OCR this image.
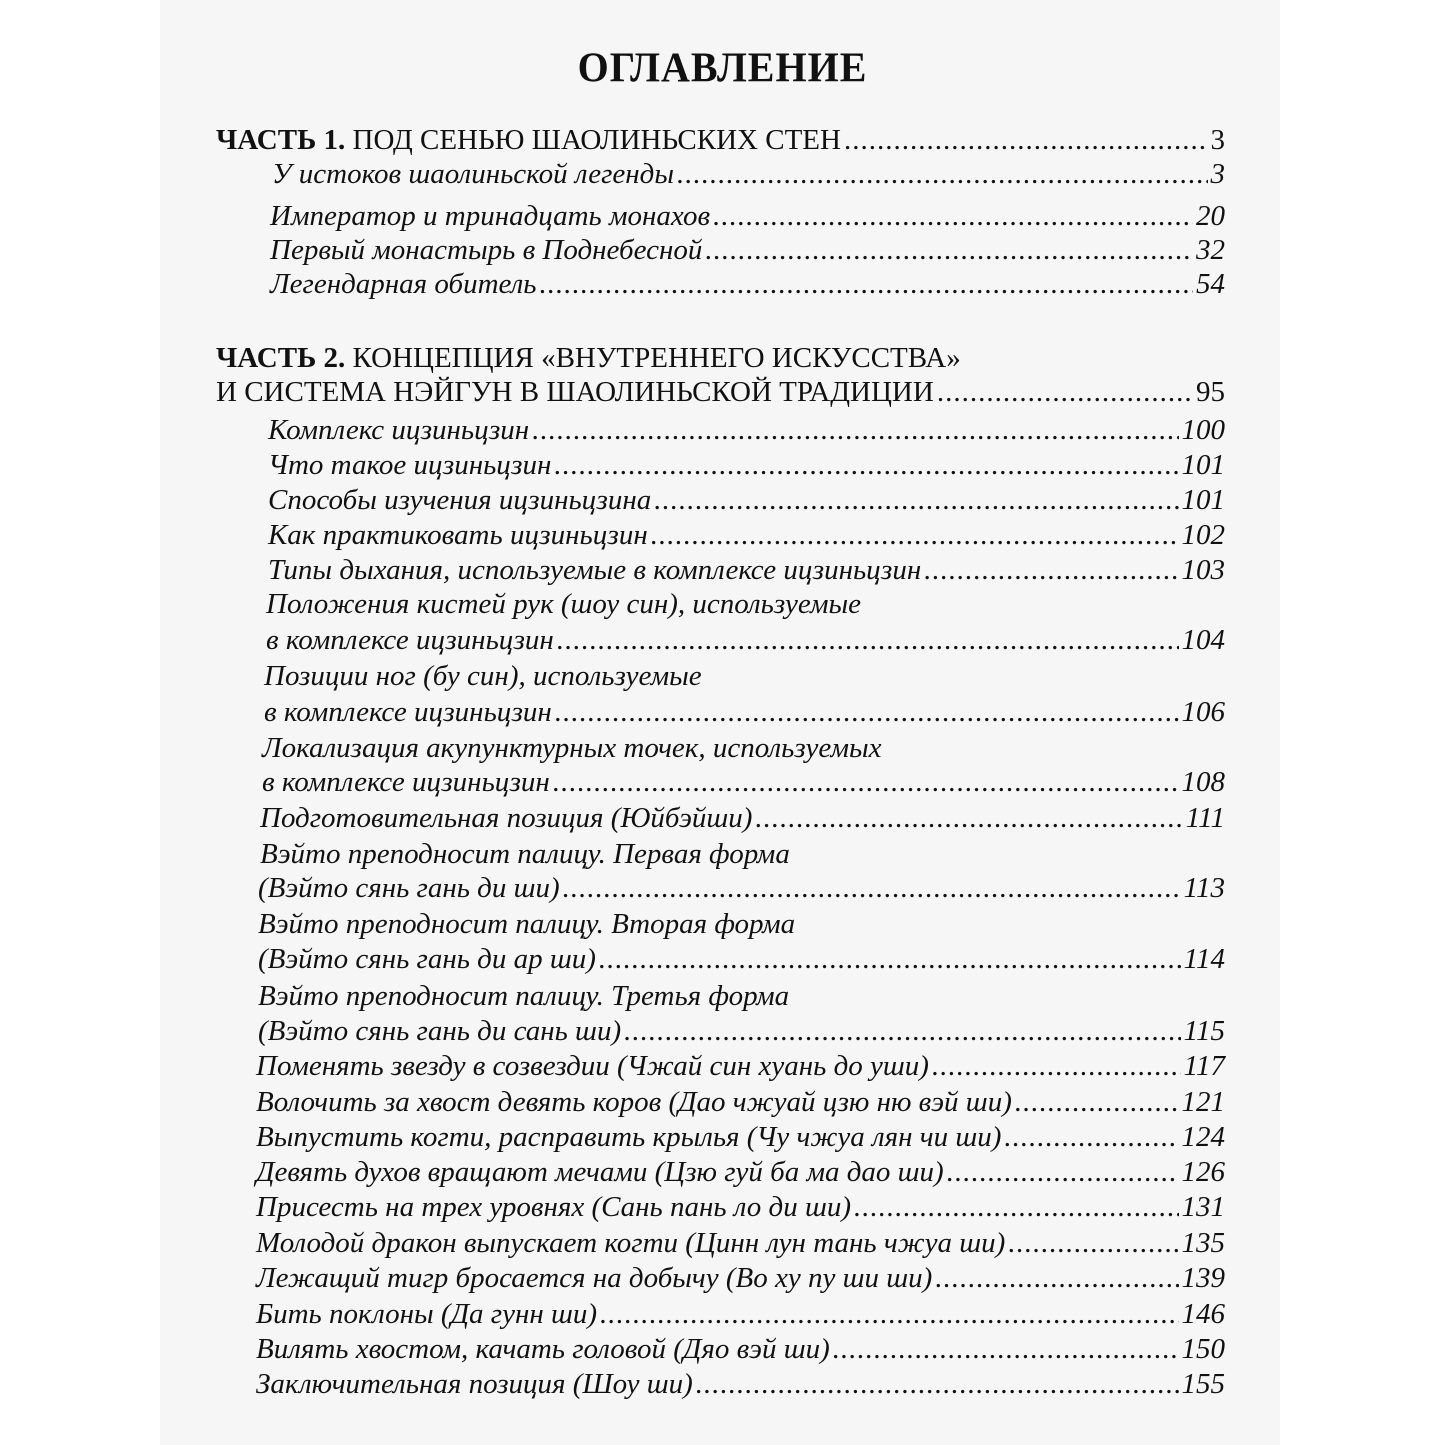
ОГЛАВЛЕНИЕ
ЧАСТЬ 1. ПОД СЕНЬЮ ШАОЛИНЬСКИХ СТЕН .....	3
У истоков шаолиньской легенды .....	3
Император и тринадцать монахов .....	20
Первый монастырь в Поднебесной .....	32
Легендарная обитель .....	54
ЧАСТЬ 2. КОНЦЕПЦИЯ «ВНУТРЕННЕГО ИСКУССТВА»
И СИСТЕМА НЭЙГУН В ШАОЛИНЬСКОЙ ТРАДИЦИИ .....	95
Комплекс ицзиньцзин .....	100
Что такое ицзиньцзин .....	101
Способы изучения ицзиньцзина .....	101
Как практиковать ицзиньцзин .....	102
Типы дыхания, используемые в комплексе ицзиньцзин .....	103
Положения кистей рук (шоу син), используемые
в комплексе ицзиньцзин .....	104
Позиции ног (бу син), используемые
в комплексе ицзиньцзин .....	106
Локализация акупунктурных точек, используемых
в комплексе ицзиньцзин .....	108
Подготовительная позиция (Юйбэйши) .....	111
Вэйто преподносит палицу. Первая форма
(Вэйто сянь гань ди ши) .....	113
Вэйто преподносит палицу. Вторая форма
(Вэйто сянь гань ди ар ши) .....	114
Вэйто преподносит палицу. Третья форма
(Вэйто сянь гань ди сань ши) .....	115
Поменять звезду в созвездии (Чжай син хуань до уши) .....	117
Волочить за хвост девять коров (Дао чжуай цзю ню вэй ши) .....	121
Выпустить когти, расправить крылья (Чу чжуа лян чи ши) .....	124
Девять духов вращают мечами (Цзю гуй ба ма дао ши) .....	126
Присесть на трех уровнях (Сань пань ло ди ши) .....	131
Молодой дракон выпускает когти (Цинн лун тань чжуа ши) .....	135
Лежащий тигр бросается на добычу (Во ху пу ши ши) .....	139
Бить поклоны (Да гунн ши) .....	146
Вилять хвостом, качать головой (Дяо вэй ши) .....	150
Заключительная позиция (Шоу ши) .....	155
